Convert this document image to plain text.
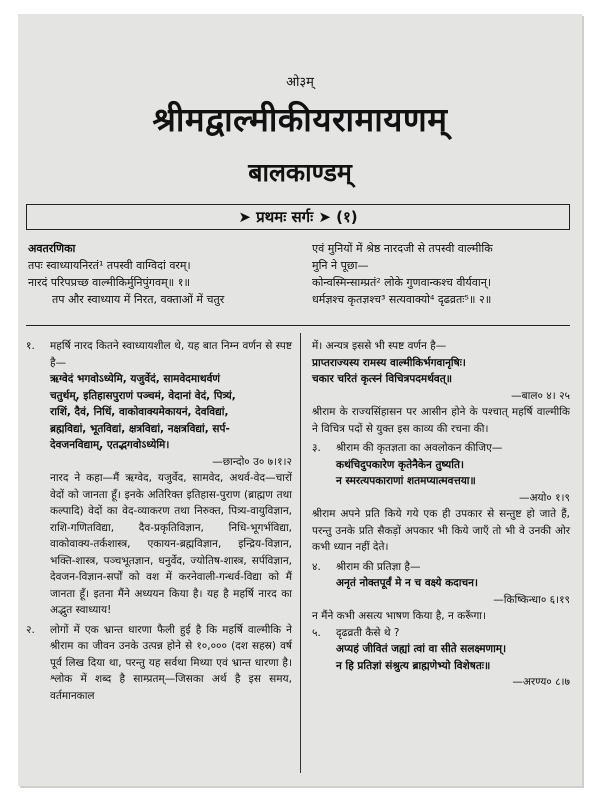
ओ३म्
श्रीमद्वाल्मीकीयरामायणम्
बालकाण्डम्
➤ प्रथमः सर्गः ➤ (१)
अवतरणिका
तपः स्वाध्यायनिरतं¹ तपस्वी वाग्विदां वरम्।
नारदं परिपप्रच्छ वाल्मीकिर्मुनिपुंगवम्॥ १॥
तप और स्वाध्याय में निरत, वक्ताओं में चतुर
एवं मुनियों में श्रेष्ठ नारदजी से तपस्वी वाल्मीकि
मुनि ने पूछा—
कोन्वस्मिन्साम्प्रतं² लोके गुणवान्कश्च वीर्यवान्।
धर्मज्ञश्च कृतज्ञश्च³ सत्यवाक्यो⁴ दृढव्रतः⁵॥ २॥
१.	महर्षि नारद कितने स्वाध्यायशील थे, यह बात निम्न वर्णन से स्पष्ट है—
ऋग्वेदं भगवोऽध्येमि, यजुर्वेदं, सामवेदमाथर्वणं
चतुर्थम्, इतिहासपुराणं पञ्चमं, वेदानां वेदं, पित्र्यं,
राशिं, दैवं, निधिं, वाकोवाक्यमेकायनं, देवविद्यां,
ब्रह्मविद्यां, भूतविद्यां, क्षत्रविद्यां, नक्षत्रविद्यां, सर्प-
देवजनविद्याम्, एतद्भगवोऽध्येमि।
—छान्दो० उ० ७।१।२
नारद ने कहा—मैं ऋग्वेद, यजुर्वेद, सामवेद, अथर्व-वेद—चारों वेदों को जानता हूँ। इनके अतिरिक्त इतिहास-पुराण (ब्राह्मण तथा कल्पादि) वेदों का वेद-व्याकरण तथा निरुक्त, पित्र्य-वायुविज्ञान, राशि-गणितविद्या, दैव-प्रकृतिविज्ञान, निधि-भूगर्भविद्या, वाकोवाक्य-तर्कशास्त्र, एकायन-ब्रह्मविज्ञान, इन्द्रिय-विज्ञान, भक्ति-शास्त्र, पञ्चभूतज्ञान, धनुर्वेद, ज्योतिष-शास्त्र, सर्पविज्ञान, देवजन-विज्ञान-सर्पों को वश में करनेवाली-गन्धर्व-विद्या को मैं जानता हूँ। इतना मैंने अध्ययन किया है। यह है महर्षि नारद का अद्भुत स्वाध्याय!
२.	लोगों में एक भ्रान्त धारणा फैली हुई है कि महर्षि वाल्मीकि ने श्रीराम का जीवन उनके उत्पन्न होने से १०,००० (दश सहस्र) वर्ष पूर्व लिख दिया था, परन्तु यह सर्वथा मिथ्या एवं भ्रान्त धारणा है। श्लोक में शब्द है साम्प्रतम्—जिसका अर्थ है इस समय, वर्तमानकाल
में। अन्यत्र इससे भी स्पष्ट वर्णन है—
प्राप्तराज्यस्य रामस्य वाल्मीकिर्भगवानृषिः।
चकार चरितं कृत्स्नं विचित्रपदमर्थवत्॥
—बाल० ४। २५
श्रीराम के राज्यसिंहासन पर आसीन होने के पश्चात् महर्षि वाल्मीकि ने विचित्र पदों से युक्त इस काव्य की रचना की।
३.	श्रीराम की कृतज्ञता का अवलोकन कीजिए—
कथंचिदुपकारेण कृतेनैकेन तुष्यति।
न स्मरत्यपकाराणां शतमप्यात्मवत्तया॥
—अयो० १।९
श्रीराम अपने प्रति किये गये एक ही उपकार से सन्तुष्ट हो जाते हैं, परन्तु उनके प्रति सैकड़ों अपकार भी किये जाएँ तो भी वे उनकी ओर कभी ध्यान नहीं देते।
४.	श्रीराम की प्रतिज्ञा है—
अनृतं नोक्तपूर्वं मे न च वक्ष्ये कदाचन।
—किष्किन्धा० ६।१९
न मैंने कभी असत्य भाषण किया है, न करूँगा।
५.	दृढव्रती कैसे थे ?
अप्यहं जीवितं जह्यां त्वां वा सीते सलक्ष्मणाम्।
न हि प्रतिज्ञां संश्रुत्य ब्राह्मणेभ्यो विशेषतः॥
—अरण्य० ८।७
